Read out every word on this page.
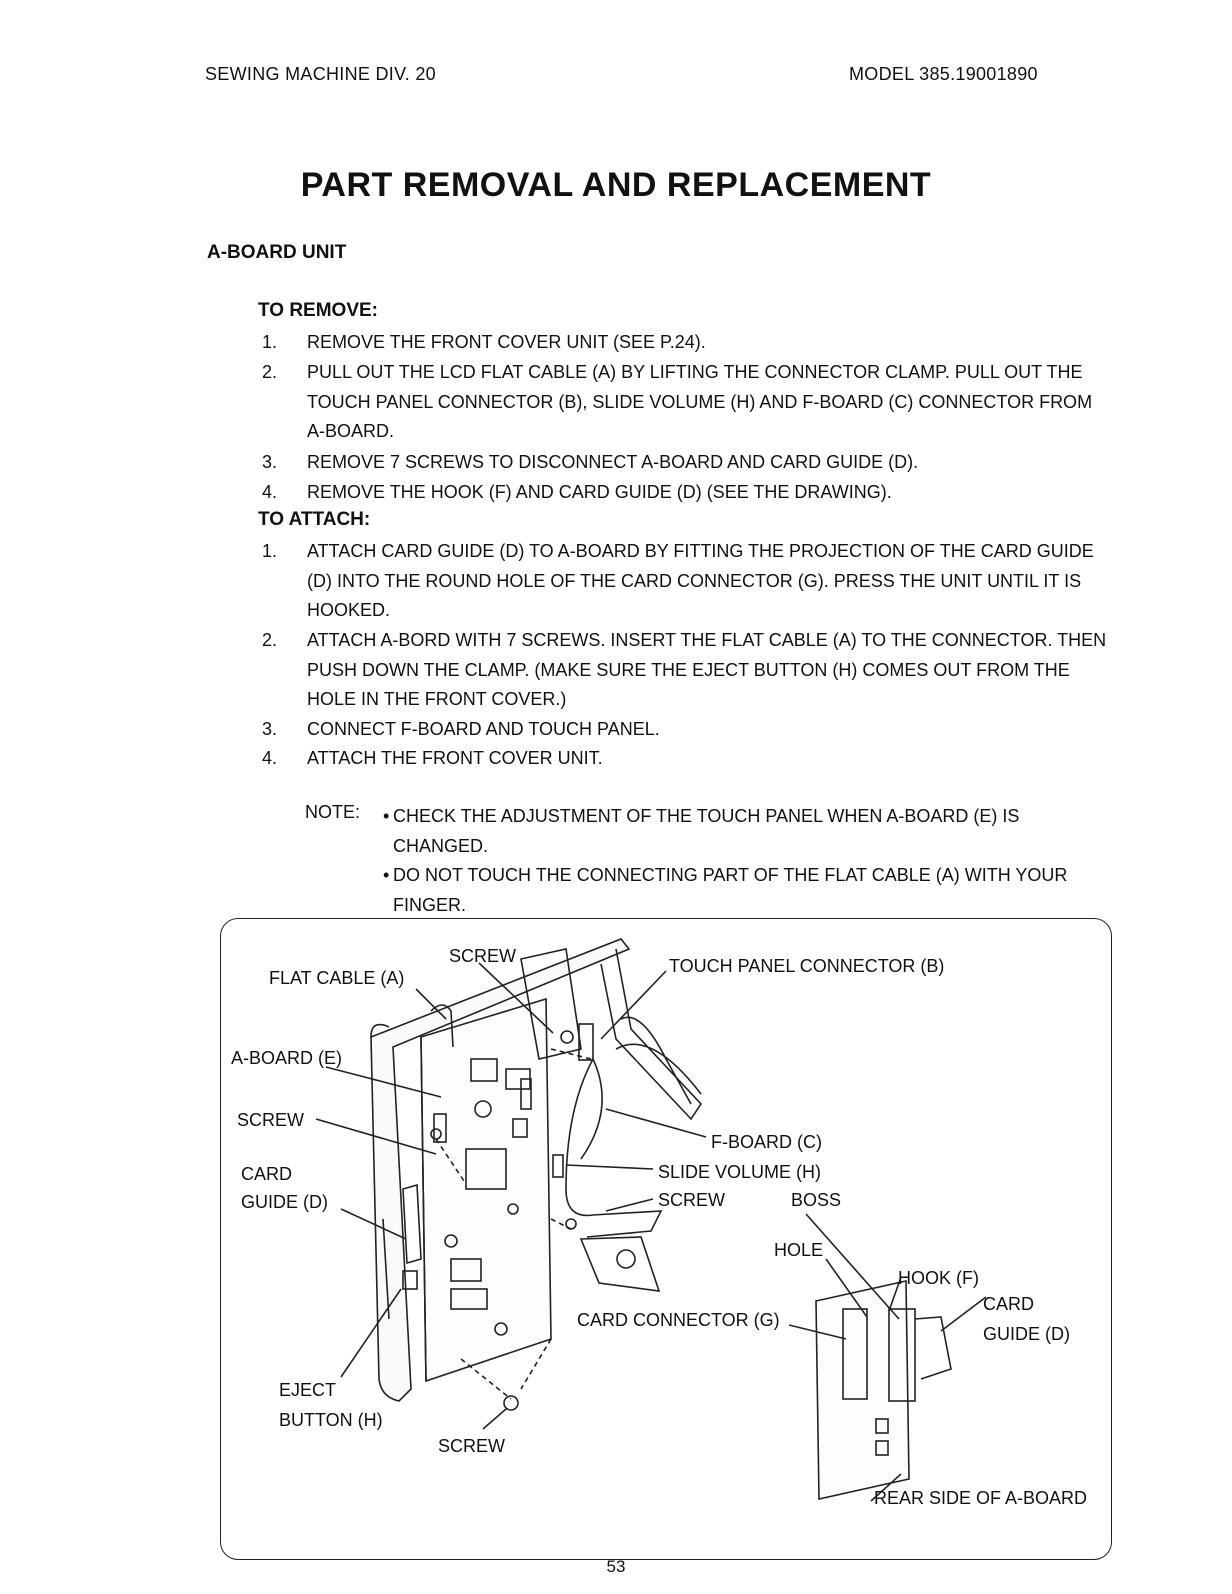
SEWING MACHINE DIV. 20	MODEL 385.19001890
PART REMOVAL AND REPLACEMENT
A-BOARD UNIT
TO REMOVE:
1.	REMOVE THE FRONT COVER UNIT (SEE P.24).
2.	PULL OUT THE LCD FLAT CABLE (A) BY LIFTING THE CONNECTOR CLAMP. PULL OUT THE TOUCH PANEL CONNECTOR (B), SLIDE VOLUME (H) AND F-BOARD (C) CONNECTOR FROM A-BOARD.
3.	REMOVE 7 SCREWS TO DISCONNECT A-BOARD AND CARD GUIDE (D).
4.	REMOVE THE HOOK (F) AND CARD GUIDE (D) (SEE THE DRAWING).
TO ATTACH:
1.	ATTACH CARD GUIDE (D) TO A-BOARD BY FITTING THE PROJECTION OF THE CARD GUIDE (D) INTO THE ROUND HOLE OF THE CARD CONNECTOR (G). PRESS THE UNIT UNTIL IT IS HOOKED.
2.	ATTACH A-BORD WITH 7 SCREWS. INSERT THE FLAT CABLE (A) TO THE CONNECTOR. THEN PUSH DOWN THE CLAMP. (MAKE SURE THE EJECT BUTTON (H) COMES OUT FROM THE HOLE IN THE FRONT COVER.)
3.	CONNECT F-BOARD AND TOUCH PANEL.
4.	ATTACH THE FRONT COVER UNIT.
NOTE: • CHECK THE ADJUSTMENT OF THE TOUCH PANEL WHEN A-BOARD (E) IS CHANGED.
• DO NOT TOUCH THE CONNECTING PART OF THE FLAT CABLE (A) WITH YOUR FINGER.
SCREW
FLAT CABLE (A)
TOUCH PANEL CONNECTOR (B)
A-BOARD (E)
SCREW
CARD
GUIDE (D)
F-BOARD (C)
SLIDE VOLUME (H)
SCREW	BOSS
HOLE
HOOK (F)
CARD
GUIDE (D)
CARD CONNECTOR (G)
EJECT
BUTTON (H)
SCREW
REAR SIDE OF A-BOARD
53
